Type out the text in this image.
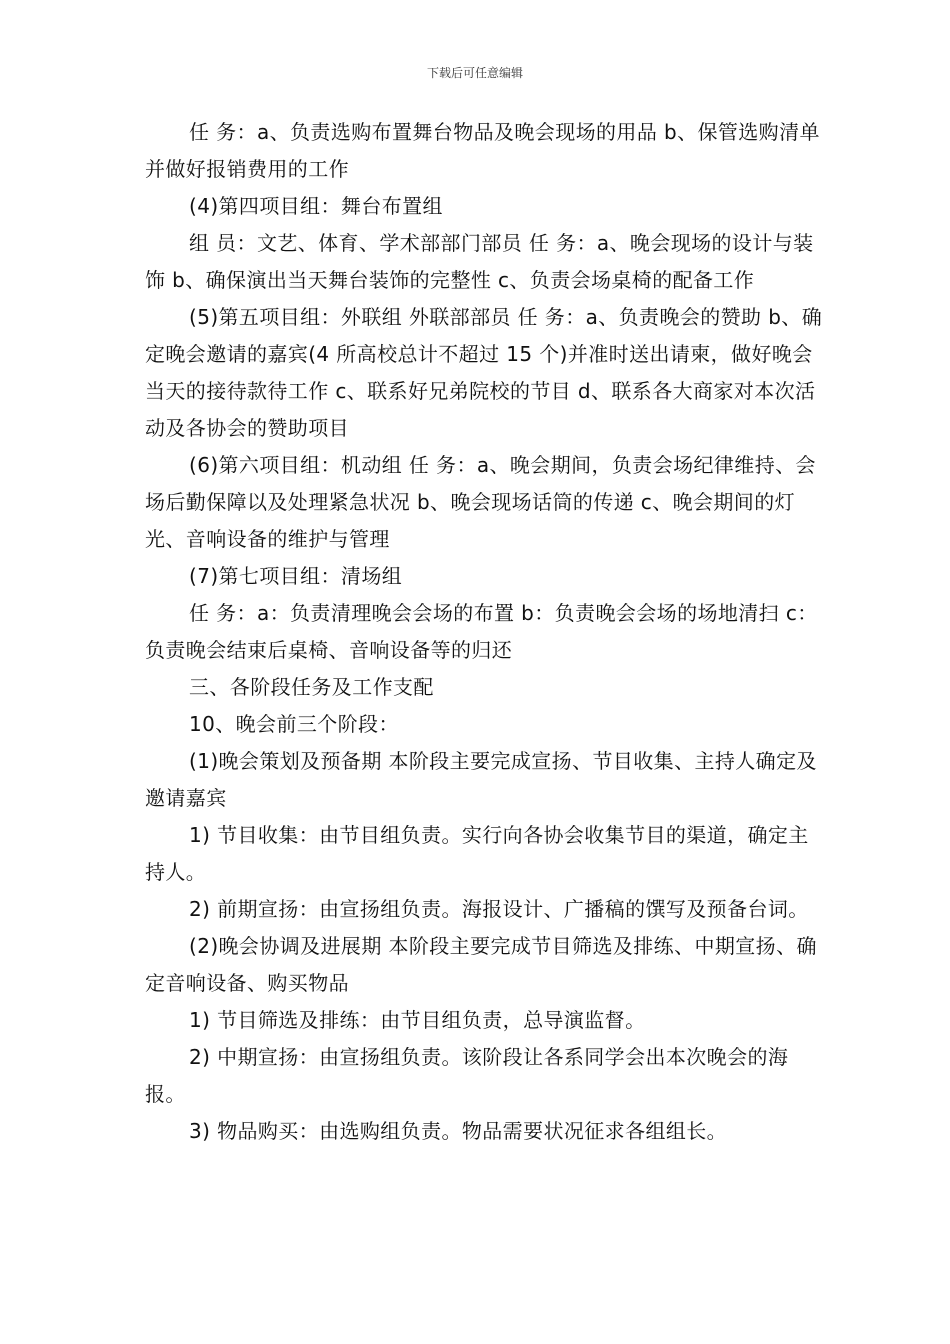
下载后可任意编辑

任 务：a、负责选购布置舞台物品及晚会现场的用品 b、保管选购清单并做好报销费用的工作

(4)第四项目组：舞台布置组

组 员：文艺、体育、学术部部门部员 任 务：a、晚会现场的设计与装饰 b、确保演出当天舞台装饰的完整性 c、负责会场桌椅的配备工作

(5)第五项目组：外联组 外联部部员 任 务：a、负责晚会的赞助 b、确定晚会邀请的嘉宾(4 所高校总计不超过 15 个)并准时送出请柬，做好晚会当天的接待款待工作 c、联系好兄弟院校的节目 d、联系各大商家对本次活动及各协会的赞助项目

(6)第六项目组：机动组 任 务：a、晚会期间，负责会场纪律维持、会场后勤保障以及处理紧急状况 b、晚会现场话筒的传递 c、晚会期间的灯光、音响设备的维护与管理

(7)第七项目组：清场组

任 务：a：负责清理晚会会场的布置 b：负责晚会会场的场地清扫 c：负责晚会结束后桌椅、音响设备等的归还

三、各阶段任务及工作支配

10、晚会前三个阶段：

(1)晚会策划及预备期 本阶段主要完成宣扬、节目收集、主持人确定及邀请嘉宾

1) 节目收集：由节目组负责。实行向各协会收集节目的渠道，确定主持人。

2) 前期宣扬：由宣扬组负责。海报设计、广播稿的馔写及预备台词。

(2)晚会协调及进展期 本阶段主要完成节目筛选及排练、中期宣扬、确定音响设备、购买物品

1) 节目筛选及排练：由节目组负责，总导演监督。

2) 中期宣扬：由宣扬组负责。该阶段让各系同学会出本次晚会的海报。

3) 物品购买：由选购组负责。物品需要状况征求各组组长。
